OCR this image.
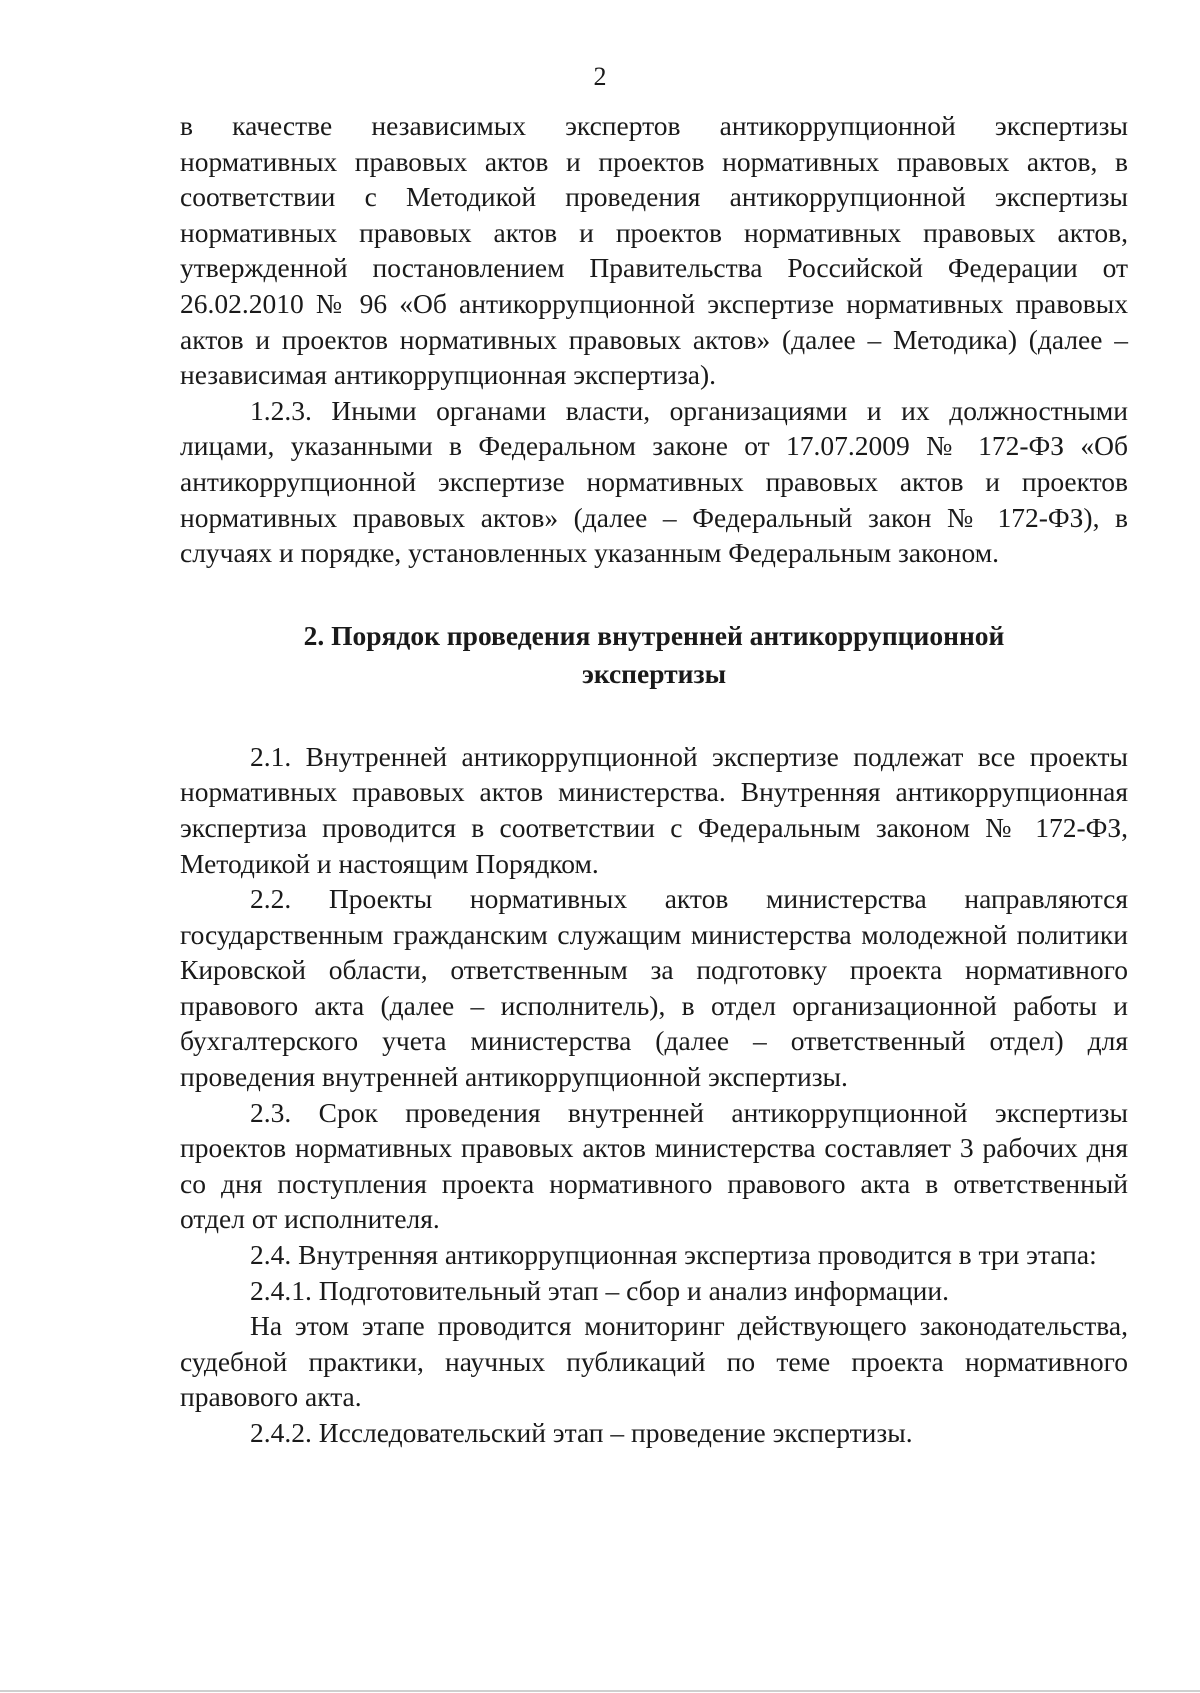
2

в качестве независимых экспертов антикоррупционной экспертизы нормативных правовых актов и проектов нормативных правовых актов, в соответствии с Методикой проведения антикоррупционной экспертизы нормативных правовых актов и проектов нормативных правовых актов, утвержденной постановлением Правительства Российской Федерации от 26.02.2010 № 96 «Об антикоррупционной экспертизе нормативных правовых актов и проектов нормативных правовых актов» (далее – Методика) (далее – независимая антикоррупционная экспертиза).

1.2.3. Иными органами власти, организациями и их должностными лицами, указанными в Федеральном законе от 17.07.2009 № 172-ФЗ «Об антикоррупционной экспертизе нормативных правовых актов и проектов нормативных правовых актов» (далее – Федеральный закон № 172-ФЗ), в случаях и порядке, установленных указанным Федеральным законом.

2. Порядок проведения внутренней антикоррупционной экспертизы

2.1. Внутренней антикоррупционной экспертизе подлежат все проекты нормативных правовых актов министерства. Внутренняя антикоррупционная экспертиза проводится в соответствии с Федеральным законом № 172-ФЗ, Методикой и настоящим Порядком.

2.2. Проекты нормативных актов министерства направляются государственным гражданским служащим министерства молодежной политики Кировской области, ответственным за подготовку проекта нормативного правового акта (далее – исполнитель), в отдел организационной работы и бухгалтерского учета министерства (далее – ответственный отдел) для проведения внутренней антикоррупционной экспертизы.

2.3. Срок проведения внутренней антикоррупционной экспертизы проектов нормативных правовых актов министерства составляет 3 рабочих дня со дня поступления проекта нормативного правового акта в ответственный отдел от исполнителя.

2.4. Внутренняя антикоррупционная экспертиза проводится в три этапа:

2.4.1. Подготовительный этап – сбор и анализ информации.

На этом этапе проводится мониторинг действующего законодательства, судебной практики, научных публикаций по теме проекта нормативного правового акта.

2.4.2. Исследовательский этап – проведение экспертизы.
